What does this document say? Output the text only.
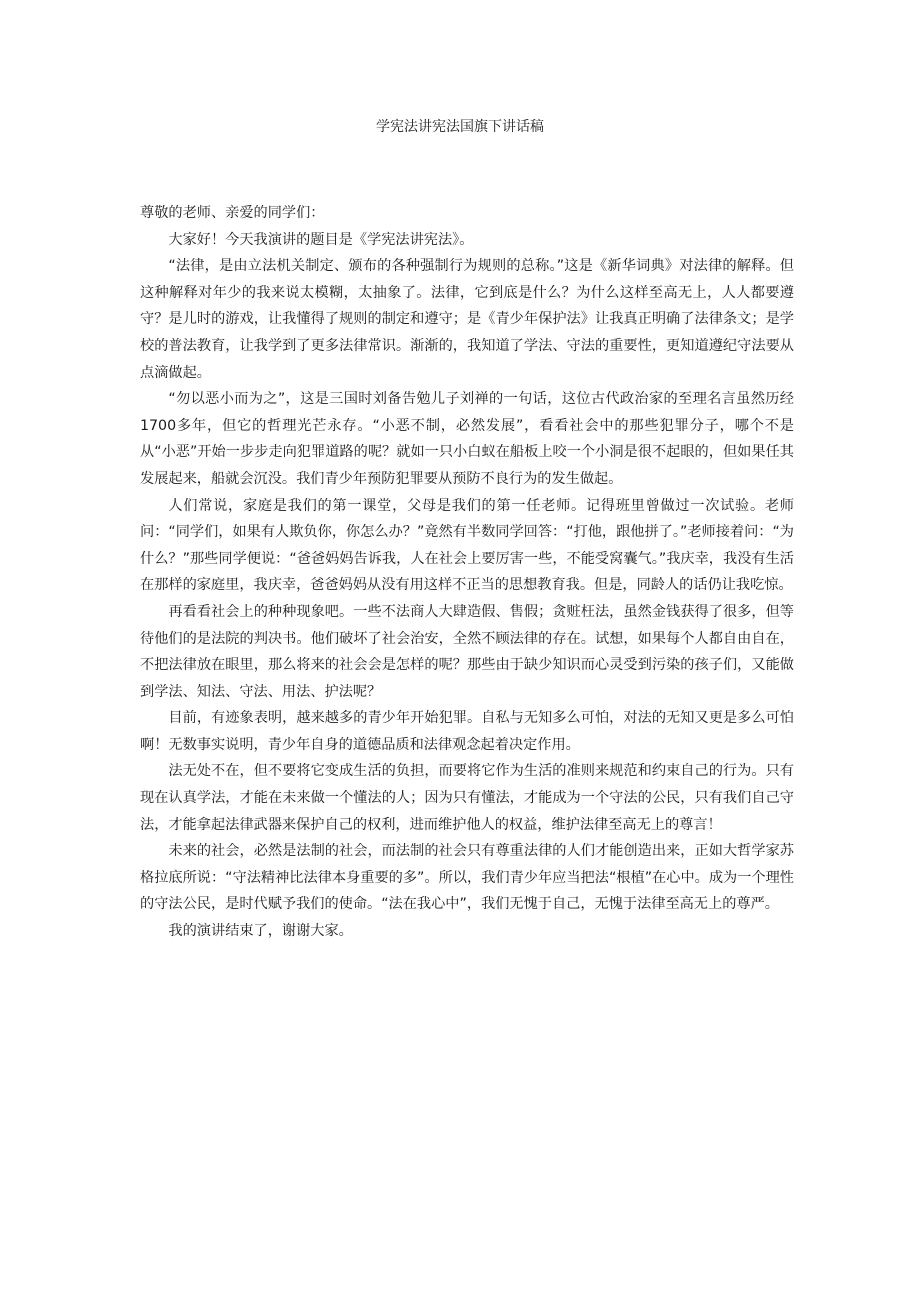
学宪法讲宪法国旗下讲话稿

尊敬的老师、亲爱的同学们：

大家好！今天我演讲的题目是《学宪法讲宪法》。

“法律，是由立法机关制定、颁布的各种强制行为规则的总称。”这是《新华词典》对法律的解释。但这种解释对年少的我来说太模糊，太抽象了。法律，它到底是什么？为什么这样至高无上，人人都要遵守？是儿时的游戏，让我懂得了规则的制定和遵守；是《青少年保护法》让我真正明确了法律条文；是学校的普法教育，让我学到了更多法律常识。渐渐的，我知道了学法、守法的重要性，更知道遵纪守法要从点滴做起。

“勿以恶小而为之”，这是三国时刘备告勉儿子刘禅的一句话，这位古代政治家的至理名言虽然历经1700多年，但它的哲理光芒永存。“小恶不制，必然发展”，看看社会中的那些犯罪分子，哪个不是从“小恶”开始一步步走向犯罪道路的呢？就如一只小白蚁在船板上咬一个小洞是很不起眼的，但如果任其发展起来，船就会沉没。我们青少年预防犯罪要从预防不良行为的发生做起。

人们常说，家庭是我们的第一课堂，父母是我们的第一任老师。记得班里曾做过一次试验。老师问：“同学们，如果有人欺负你，你怎么办？”竟然有半数同学回答：“打他，跟他拼了。”老师接着问：“为什么？”那些同学便说：“爸爸妈妈告诉我，人在社会上要厉害一些，不能受窝囊气。”我庆幸，我没有生活在那样的家庭里，我庆幸，爸爸妈妈从没有用这样不正当的思想教育我。但是，同龄人的话仍让我吃惊。

再看看社会上的种种现象吧。一些不法商人大肆造假、售假；贪赃枉法，虽然金钱获得了很多，但等待他们的是法院的判决书。他们破坏了社会治安，全然不顾法律的存在。试想，如果每个人都自由自在，不把法律放在眼里，那么将来的社会会是怎样的呢？那些由于缺少知识而心灵受到污染的孩子们，又能做到学法、知法、守法、用法、护法呢？

目前，有迹象表明，越来越多的青少年开始犯罪。自私与无知多么可怕，对法的无知又更是多么可怕啊！无数事实说明，青少年自身的道德品质和法律观念起着决定作用。

法无处不在，但不要将它变成生活的负担，而要将它作为生活的准则来规范和约束自己的行为。只有现在认真学法，才能在未来做一个懂法的人；因为只有懂法，才能成为一个守法的公民，只有我们自己守法，才能拿起法律武器来保护自己的权利，进而维护他人的权益，维护法律至高无上的尊言！

未来的社会，必然是法制的社会，而法制的社会只有尊重法律的人们才能创造出来，正如大哲学家苏格拉底所说：“守法精神比法律本身重要的多”。所以，我们青少年应当把法“根植”在心中。成为一个理性的守法公民，是时代赋予我们的使命。“法在我心中”，我们无愧于自己，无愧于法律至高无上的尊严。

我的演讲结束了，谢谢大家。
